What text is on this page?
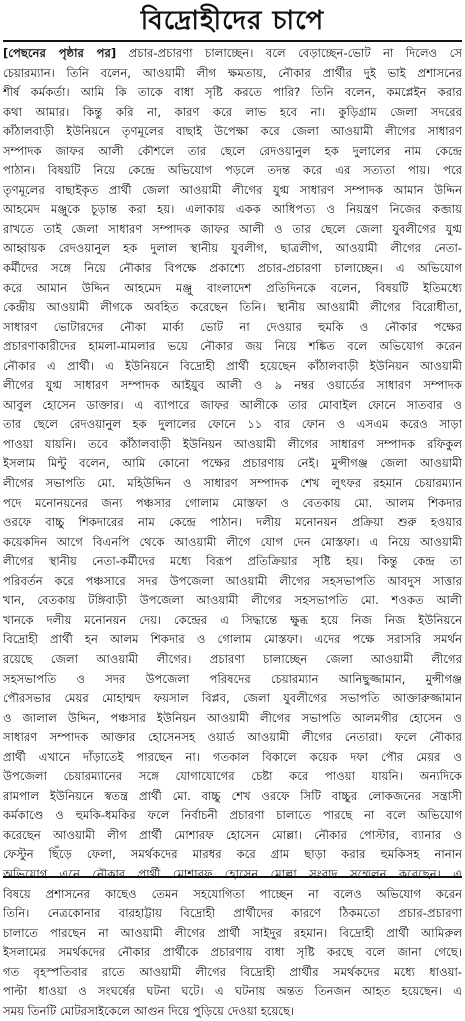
বিদ্রোহীদের চাপে
[পেছনের পৃষ্ঠার পর] প্রচার-প্রচারণা চালাচ্ছেন। বলে বেড়াচ্ছেন-ভোট না দিলেও সে
চেয়ারম্যান। তিনি বলেন, আওয়ামী লীগ ক্ষমতায়, নৌকার প্রার্থীর দুই ভাই প্রশাসনের
শীর্ষ কর্মকর্তা। আমি কি তাকে বাধা সৃষ্টি করতে পারি? তিনি বলেন, কমপ্লেইন করার
কথা আমার। কিন্তু করি না, কারণ করে লাভ হবে না। কুড়িগ্রাম জেলা সদরের
কাঁঠালবাড়ী ইউনিয়নে তৃণমূলের বাছাই উপেক্ষা করে জেলা আওয়ামী লীগের সাধারণ
সম্পাদক জাফর আলী কৌশলে তার ছেলে রেদওয়ানুল হক দুলালের নাম কেন্দ্রে
পাঠান। বিষয়টি নিয়ে কেন্দ্রে অভিযোগ পড়লে তদন্ত করে এর সত্যতা পায়। পরে
তৃণমূলের বাছাইকৃত প্রার্থী জেলা আওয়ামী লীগের যুগ্ম সাধারণ সম্পাদক আমান উদ্দিন
আহমেদ মঞ্জুকে চূড়ান্ত করা হয়। এলাকায় একক আধিপত্য ও নিয়ন্ত্রণ নিজের কব্জায়
রাখতে তাই জেলা সাধারণ সম্পাদক জাফর আলী ও তার ছেলে জেলা যুবলীগের যুগ্ম
আহ্বায়ক রেদওয়ানুল হক দুলাল স্থানীয় যুবলীগ, ছাত্রলীগ, আওয়ামী লীগের নেতা-
কর্মীদের সঙ্গে নিয়ে নৌকার বিপক্ষে প্রকাশ্যে প্রচার-প্রচারণা চালাচ্ছেন। এ অভিযোগ
করে আমান উদ্দিন আহমেদ মঞ্জু বাংলাদেশ প্রতিদিনকে বলেন, বিষয়টি ইতিমধ্যে
কেন্দ্রীয় আওয়ামী লীগকে অবহিত করেছেন তিনি। স্থানীয় আওয়ামী লীগের বিরোধীতা,
সাধারণ ভোটারদের নৌকা মার্কা ভোট না দেওয়ার হুমকি ও নৌকার পক্ষের
প্রচারণাকারীদের হামলা-মামলার ভয়ে নৌকার জয় নিয়ে শঙ্কিত বলে অভিযোগ করেন
নৌকার এ প্রার্থী। এ ইউনিয়নে বিদ্রোহী প্রার্থী হয়েছেন কাঁঠালবাড়ী ইউনিয়ন আওয়ামী
লীগের যুগ্ম সাধারণ সম্পাদক আইয়ুব আলী ও ৯ নম্বর ওয়ার্ডের সাধারণ সম্পাদক
আবুল হোসেন ডাক্তার। এ ব্যাপারে জাফর আলীকে তার মোবাইল ফোনে সাতবার ও
তার ছেলে রেদওয়ানুল হক দুলালের ফোনে ১১ বার ফোন ও এসএম করেও সাড়া
পাওয়া যায়নি। তবে কাঁঠালবাড়ী ইউনিয়ন আওয়ামী লীগের সাধারণ সম্পাদক রফিকুল
ইসলাম মিন্টু বলেন, আমি কোনো পক্ষের প্রচারণায় নেই। মুন্সীগঞ্জ জেলা আওয়ামী
লীগের সভাপতি মো. মহিউদ্দিন ও সাধারণ সম্পাদক শেখ লুৎফর রহমান চেয়ারম্যান
পদে মনোনয়নের জন্য পঞ্চসার গোলাম মোস্তফা ও বেতকায় মো. আলম শিকদার
ওরফে বাচ্চু শিকদারের নাম কেন্দ্রে পাঠান। দলীয় মনোনয়ন প্রক্রিয়া শুরু হওয়ার
কয়েকদিন আগে বিএনপি থেকে আওয়ামী লীগে যোগ দেন মোস্তফা। এ নিয়ে আওয়ামী
লীগের স্থানীয় নেতা-কর্মীদের মধ্যে বিরূপ প্রতিক্রিয়ার সৃষ্টি হয়। কিন্তু কেন্দ্র তা
পরিবর্তন করে পঞ্চসারে সদর উপজেলা আওয়ামী লীগের সহসভাপতি আবদুস সাত্তার
খান, বেতকায় টঙ্গিবাড়ী উপজেলা আওয়ামী লীগের সহসভাপতি মো. শওকত আলী
খানকে দলীয় মনোনয়ন দেয়। কেন্দ্রের এ সিদ্ধান্তে ক্ষুব্ধ হয়ে নিজ নিজ ইউনিয়নে
বিদ্রোহী প্রার্থী হন আলম শিকদার ও গোলাম মোস্তফা। এদের পক্ষে সরাসরি সমর্থন
রয়েছে জেলা আওয়ামী লীগের। প্রচারণা চালাচ্ছেন জেলা আওয়ামী লীগের
সহসভাপতি ও সদর উপজেলা পরিষদের চেয়ারম্যান আনিছুজ্জামান, মুন্সীগঞ্জ
পৌরসভার মেয়র মোহাম্মদ ফয়সাল বিপ্লব, জেলা যুবলীগের সভাপতি আক্তারুজ্জামান
ও জালাল উদ্দিন, পঞ্চসার ইউনিয়ন আওয়ামী লীগের সভাপতি আলমগীর হোসেন ও
সাধারণ সম্পাদক আক্তার হোসেনসহ ওয়ার্ড আওয়ামী লীগের নেতারা। ফলে নৌকার
প্রার্থী এখানে দাঁড়াতেই পারছেন না। গতকাল বিকালে কয়েক দফা পৌর মেয়র ও
উপজেলা চেয়ারম্যানের সঙ্গে যোগাযোগের চেষ্টা করে পাওয়া যায়নি। অন্যদিকে
রামপাল ইউনিয়নে স্বতন্ত্র প্রার্থী মো. বাচ্চু শেখ ওরফে সিটি বাচ্চুর লোকজনের সন্ত্রাসী
কর্মকাণ্ডে ও হুমকি-ধমকির ফলে নির্বাচনী প্রচারণা চালাতে পারছে না বলে অভিযোগ
করেছেন আওয়ামী লীগ প্রার্থী মোশারফ হোসেন মোল্লা। নৌকার পোস্টার, ব্যানার ও
ফেস্টুন ছিঁড়ে ফেলা, সমর্থকদের মারধর করে গ্রাম ছাড়া করার হুমকিসহ নানান
অভিযোগ এনে নৌকার প্রার্থী মোশারফ হোসেন মোল্লা সংবাদ সম্মেলন করেছেন। এ
বিষয়ে প্রশাসনের কাছেও তেমন সহযোগিতা পাচ্ছেন না বলেও অভিযোগ করেন
তিনি। নেত্রকোনার বারহাট্টায় বিদ্রোহী প্রার্থীদের কারণে ঠিকমতো প্রচার-প্রচারণা
চালাতে পারছেন না আওয়ামী লীগের প্রার্থী সাইদুর রহমান। বিদ্রোহী প্রার্থী আমিরুল
ইসলামের সমর্থকদের নৌকার প্রার্থীকে প্রচারণায় বাধা সৃষ্টি করছে বলে জানা গেছে।
গত বৃহস্পতিবার রাতে আওয়ামী লীগের বিদ্রোহী প্রার্থীর সমর্থকদের মধ্যে ধাওয়া-
পাল্টা ধাওয়া ও সংঘর্ষের ঘটনা ঘটে। এ ঘটনায় অন্তত তিনজন আহত হয়েছেন। এ
সময় তিনটি মোটরসাইকেলে আগুন দিয়ে পুড়িয়ে দেওয়া হয়েছে।
